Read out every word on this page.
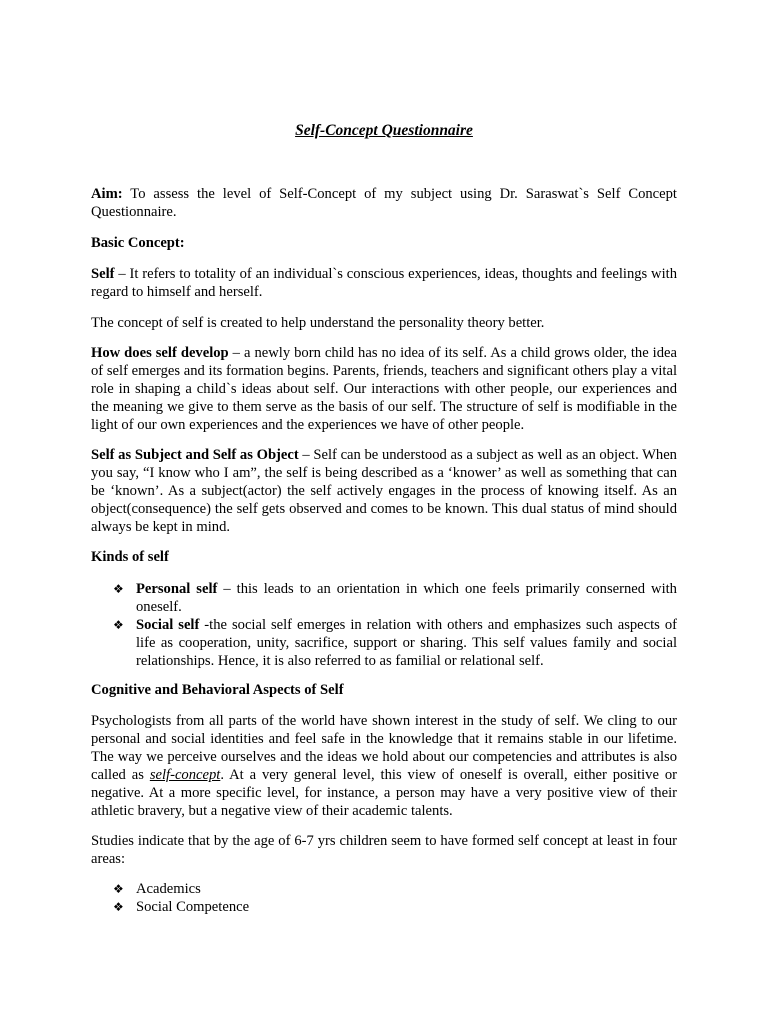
Self-Concept Questionnaire

Aim: To assess the level of Self-Concept of my subject using Dr. Saraswat`s Self Concept Questionnaire.

Basic Concept:

Self – It refers to totality of an individual`s conscious experiences, ideas, thoughts and feelings with regard to himself and herself.

The concept of self is created to help understand the personality theory better.

How does self develop – a newly born child has no idea of its self. As a child grows older, the idea of self emerges and its formation begins. Parents, friends, teachers and significant others play a vital role in shaping a child`s ideas about self. Our interactions with other people, our experiences and the meaning we give to them serve as the basis of our self. The structure of self is modifiable in the light of our own experiences and the experiences we have of other people.

Self as Subject and Self as Object – Self can be understood as a subject as well as an object. When you say, “I know who I am”, the self is being described as a ‘knower’ as well as something that can be ‘known’. As a subject(actor) the self actively engages in the process of knowing itself. As an object(consequence) the self gets observed and comes to be known. This dual status of mind should always be kept in mind.

Kinds of self

❖ Personal self – this leads to an orientation in which one feels primarily conserned with oneself.
❖ Social self -the social self emerges in relation with others and emphasizes such aspects of life as cooperation, unity, sacrifice, support or sharing. This self values family and social relationships. Hence, it is also referred to as familial or relational self.

Cognitive and Behavioral Aspects of Self

Psychologists from all parts of the world have shown interest in the study of self. We cling to our personal and social identities and feel safe in the knowledge that it remains stable in our lifetime. The way we perceive ourselves and the ideas we hold about our competencies and attributes is also called as self-concept. At a very general level, this view of oneself is overall, either positive or negative. At a more specific level, for instance, a person may have a very positive view of their athletic bravery, but a negative view of their academic talents.

Studies indicate that by the age of 6-7 yrs children seem to have formed self concept at least in four areas:

❖ Academics
❖ Social Competence
